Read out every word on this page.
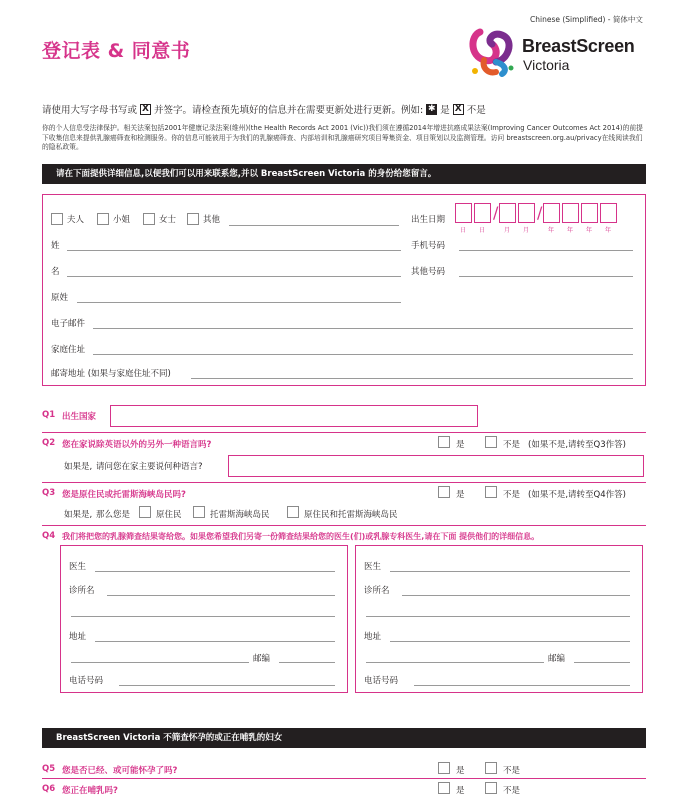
Chinese (Simplified) - 简体中文
登记表 & 同意书	BreastScreen
Victoria
请使用大写字母书写或 X 并签字。请检查预先填好的信息并在需要更新处进行更新。例如: ✱ 是 X 不是
你的个人信息受法律保护。相关法案包括2001年健康记录法案(维州)(the Health Records Act 2001 (Vic))我们须在遵循2014年增进抗癌成果法案(Improving Cancer Outcomes Act 2014)的前提下收集信息来提供乳腺癌筛查和检测服务。你的信息可能被用于为我们的乳腺癌筛查、内部培训和乳腺癌研究项目筹集资金、项目策划以及监测管理。访问 breastscreen.org.au/privacy在线阅读我们的隐私政策。
请在下面提供详细信息,以便我们可以用来联系您,并以 BreastScreen Victoria 的身份给您留言。
夫人	小姐	女士	其他	出生日期	/ /
日 日	月 月	年 年 年 年
姓	手机号码
名	其他号码
原姓
电子邮件
家庭住址
邮寄地址 (如果与家庭住址不同)
Q1 出生国家
Q2 您在家说除英语以外的另外一种语言吗?	是	不是 (如果不是,请转至Q3作答)
如果是, 请问您在家主要说何种语言?
Q3 您是原住民或托雷斯海峡岛民吗?	是	不是 (如果不是,请转至Q4作答)
如果是, 那么您是	原住民	托雷斯海峡岛民	原住民和托雷斯海峡岛民
Q4 我们将把您的乳腺筛查结果寄给您。如果您希望我们另寄一份筛查结果给您的医生(们)或乳腺专科医生,请在下面 提供他们的详细信息。
医生
诊所名
地址
邮编
电话号码
医生
诊所名
地址
邮编
电话号码
BreastScreen Victoria 不筛查怀孕的或正在哺乳的妇女
Q5 您是否已经、或可能怀孕了吗?	是	不是
Q6 您正在哺乳吗?	是	不是
